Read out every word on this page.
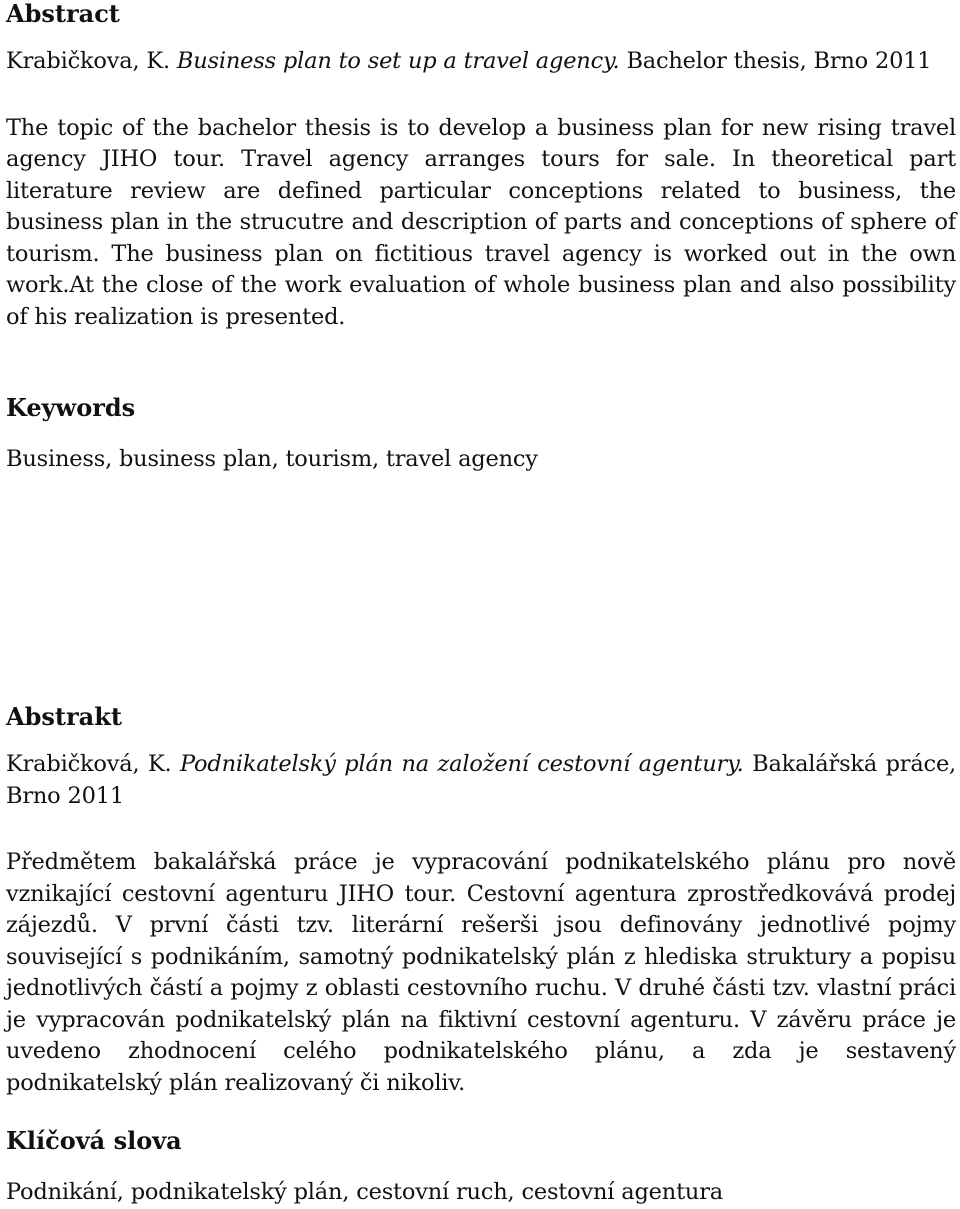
Abstract

Krabičkova, K. Business plan to set up a travel agency. Bachelor thesis, Brno 2011

The topic of the bachelor thesis is to develop a business plan for new rising travel agency JIHO tour. Travel agency arranges tours for sale. In theoretical part literature review are defined particular conceptions related to business, the business plan in the strucutre and description of parts and conceptions of sphere of tourism. The business plan on fictitious travel agency is worked out in the own work.At the close of the work evaluation of whole business plan and also possibility of his realization is presented.

Keywords

Business, business plan, tourism, travel agency

Abstrakt

Krabičková, K. Podnikatelský plán na založení cestovní agentury. Bakalářská práce, Brno 2011

Předmětem bakalářská práce je vypracování podnikatelského plánu pro nově vznikající cestovní agenturu JIHO tour. Cestovní agentura zprostředkovává prodej zájezdů. V první části tzv. literární rešerši jsou definovány jednotlivé pojmy související s podnikáním, samotný podnikatelský plán z hlediska struktury a popisu jednotlivých částí a pojmy z oblasti cestovního ruchu. V druhé části tzv. vlastní práci je vypracován podnikatelský plán na fiktivní cestovní agenturu. V závěru práce je uvedeno zhodnocení celého podnikatelského plánu, a zda je sestavený podnikatelský plán realizovaný či nikoliv.

Klíčová slova

Podnikání, podnikatelský plán, cestovní ruch, cestovní agentura
